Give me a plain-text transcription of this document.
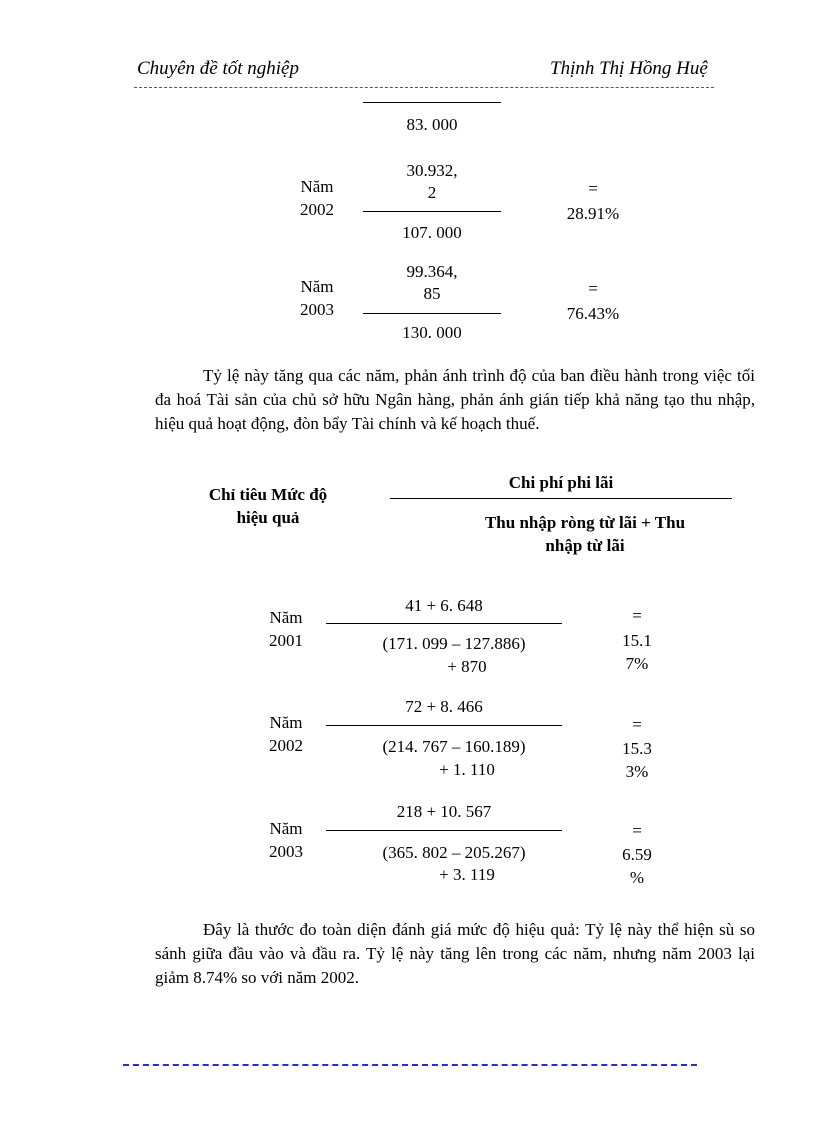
Chuyên đề tốt nghiệp	Thịnh Thị Hồng Huệ
83. 000
Năm
2002
30.932,
2
107. 000
=
28.91%
Năm
2003
99.364,
85
130. 000
=
76.43%

Tỷ lệ này tăng qua các năm, phản ánh trình độ của ban điều hành trong việc tối đa hoá Tài sản của chủ sở hữu Ngân hàng, phản ánh gián tiếp khả năng tạo thu nhập, hiệu quả hoạt động, đòn bẩy Tài chính và kế hoạch thuế.

Chỉ tiêu Mức độ
hiệu quả
Chi phí phi lãi
Thu nhập ròng từ lãi + Thu
nhập từ lãi
Năm
2001
41 + 6. 648
(171. 099 – 127.886)
+ 870
=
15.1
7%
Năm
2002
72 + 8. 466
(214. 767 – 160.189)
+ 1. 110
=
15.3
3%
Năm
2003
218 + 10. 567
(365. 802 – 205.267)
+ 3. 119
=
6.59
%

Đây là thước đo toàn diện đánh giá mức độ hiệu quả: Tỷ lệ này thể hiện sù so sánh giữa đầu vào và đầu ra. Tỷ lệ này tăng lên trong các năm, nhưng năm 2003 lại giảm 8.74% so với năm 2002.
